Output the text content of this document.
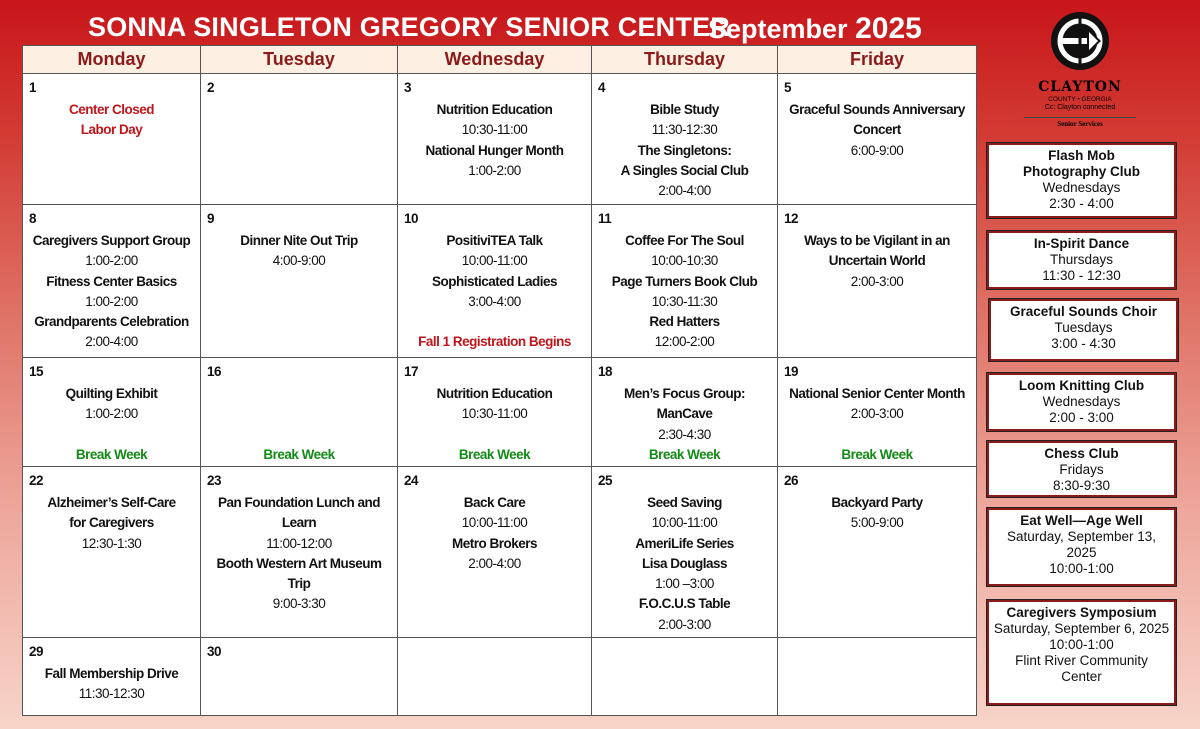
SONNA SINGLETON GREGORY SENIOR CENTER
September 2025
Monday	Tuesday	Wednesday	Thursday	Friday
1
Center Closed
Labor Day
2	3
Nutrition Education
10:30-11:00
National Hunger Month
1:00-2:00
4
Bible Study
11:30-12:30
The Singletons:
A Singles Social Club
2:00-4:00
5
Graceful Sounds Anniversary
Concert
6:00-9:00
8
Caregivers Support Group
1:00-2:00
Fitness Center Basics
1:00-2:00
Grandparents Celebration
2:00-4:00
9
Dinner Nite Out Trip
4:00-9:00
10
PositiviTEA Talk
10:00-11:00
Sophisticated Ladies
3:00-4:00
Fall 1 Registration Begins
11
Coffee For The Soul
10:00-10:30
Page Turners Book Club
10:30-11:30
Red Hatters
12:00-2:00
12
Ways to be Vigilant in an
Uncertain World
2:00-3:00
15
Quilting Exhibit
1:00-2:00
Break Week
16
Break Week
17
Nutrition Education
10:30-11:00
Break Week
18
Men’s Focus Group:
ManCave
2:30-4:30
Break Week
19
National Senior Center Month
2:00-3:00
Break Week
22
Alzheimer’s Self-Care
for Caregivers
12:30-1:30
23
Pan Foundation Lunch and
Learn
11:00-12:00
Booth Western Art Museum
Trip
9:00-3:30
24
Back Care
10:00-11:00
Metro Brokers
2:00-4:00
25
Seed Saving
10:00-11:00
AmeriLife Series
Lisa Douglass
1:00 –3:00
F.O.C.U.S Table
2:00-3:00
26
Backyard Party
5:00-9:00
29
Fall Membership Drive
11:30-12:30
30
CLAYTON
COUNTY • GEORGIA
Cc: Clayton connected
Senior Services
Flash Mob Photography Club
Wednesdays
2:30 - 4:00
In-Spirit Dance
Thursdays
11:30 - 12:30
Graceful Sounds Choir
Tuesdays
3:00 - 4:30
Loom Knitting Club
Wednesdays
2:00 - 3:00
Chess Club
Fridays
8:30-9:30
Eat Well—Age Well
Saturday, September 13, 2025
10:00-1:00
Caregivers Symposium
Saturday, September 6, 2025
10:00-1:00
Flint River Community Center
